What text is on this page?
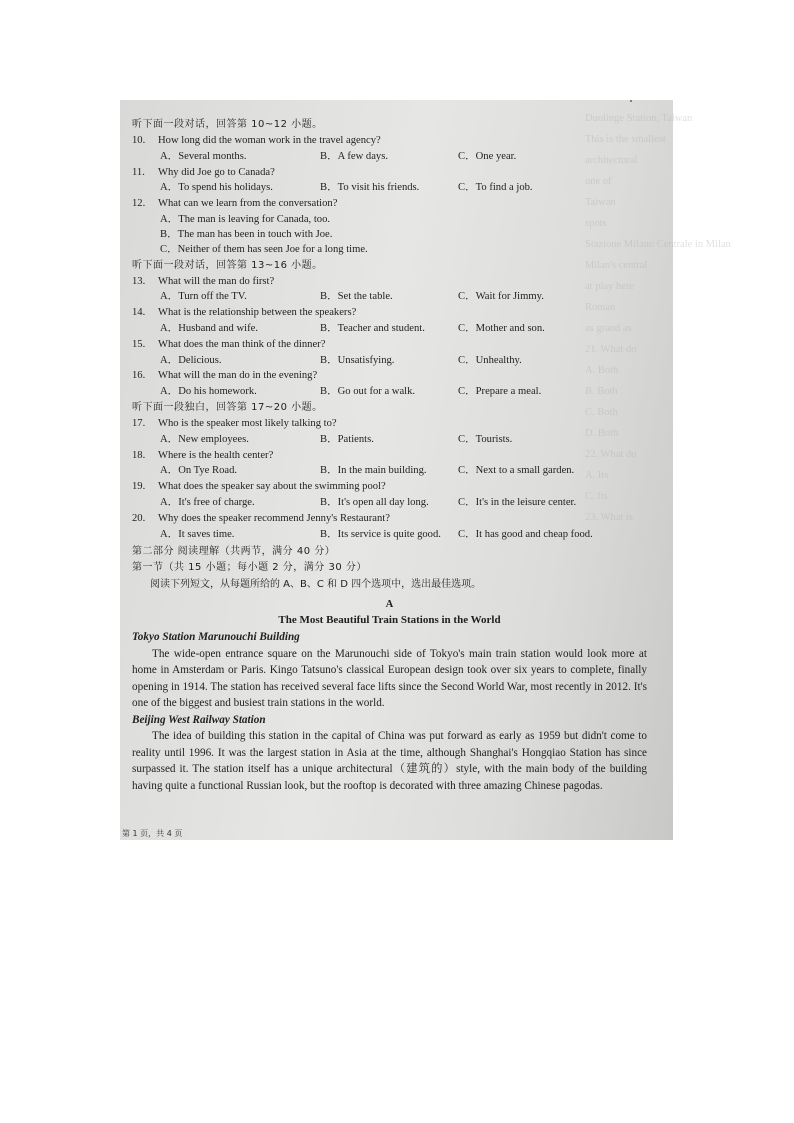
Duolinge Station, Taiwan
This is the smallest
architectural
one of
Taiwan
spots
Stazione Milano Centrale in Milan
Milan's central
at play here
Roman
as grand as
21. What do
A. Both
B. Both
C. Both
D. Both
22. What do
A. Its
C. Its
23. What is
听下面一段对话，回答第 10~12 小题。
10. How long did the woman work in the travel agency?
A．Several months.	B．A few days.	C．One year.
11. Why did Joe go to Canada?
A．To spend his holidays.	B．To visit his friends.	C．To find a job.
12. What can we learn from the conversation?
A．The man is leaving for Canada, too.
B．The man has been in touch with Joe.
C．Neither of them has seen Joe for a long time.
听下面一段对话，回答第 13~16 小题。
13. What will the man do first?
A．Turn off the TV.	B．Set the table.	C．Wait for Jimmy.
14. What is the relationship between the speakers?
A．Husband and wife.	B．Teacher and student.	C．Mother and son.
15. What does the man think of the dinner?
A．Delicious.	B．Unsatisfying.	C．Unhealthy.
16. What will the man do in the evening?
A．Do his homework.	B．Go out for a walk.	C．Prepare a meal.
听下面一段独白，回答第 17~20 小题。
17. Who is the speaker most likely talking to?
A．New employees.	B．Patients.	C．Tourists.
18. Where is the health center?
A．On Tye Road.	B．In the main building.	C．Next to a small garden.
19. What does the speaker say about the swimming pool?
A．It's free of charge.	B．It's open all day long.	C．It's in the leisure center.
20. Why does the speaker recommend Jenny's Restaurant?
A．It saves time.	B．Its service is quite good. C．It has good and cheap food.
第二部分 阅读理解（共两节，满分 40 分）
第一节（共 15 小题；每小题 2 分，满分 30 分）
阅读下列短文，从每题所给的 A、B、C 和 D 四个选项中，选出最佳选项。
A
The Most Beautiful Train Stations in the World

Tokyo Station Marunouchi Building

The wide-open entrance square on the Marunouchi side of Tokyo's main train station would look more at home in Amsterdam or Paris. Kingo Tatsuno's classical European design took over six years to complete, finally opening in 1914. The station has received several face lifts since the Second World War, most recently in 2012. It's one of the biggest and busiest train stations in the world.

Beijing West Railway Station

The idea of building this station in the capital of China was put forward as early as 1959 but didn't come to reality until 1996. It was the largest station in Asia at the time, although Shanghai's Hongqiao Station has since surpassed it. The station itself has a unique architectural（建筑的）style, with the main body of the building having quite a functional Russian look, but the rooftop is decorated with three amazing Chinese pagodas.

第 1 页，共 4 页
